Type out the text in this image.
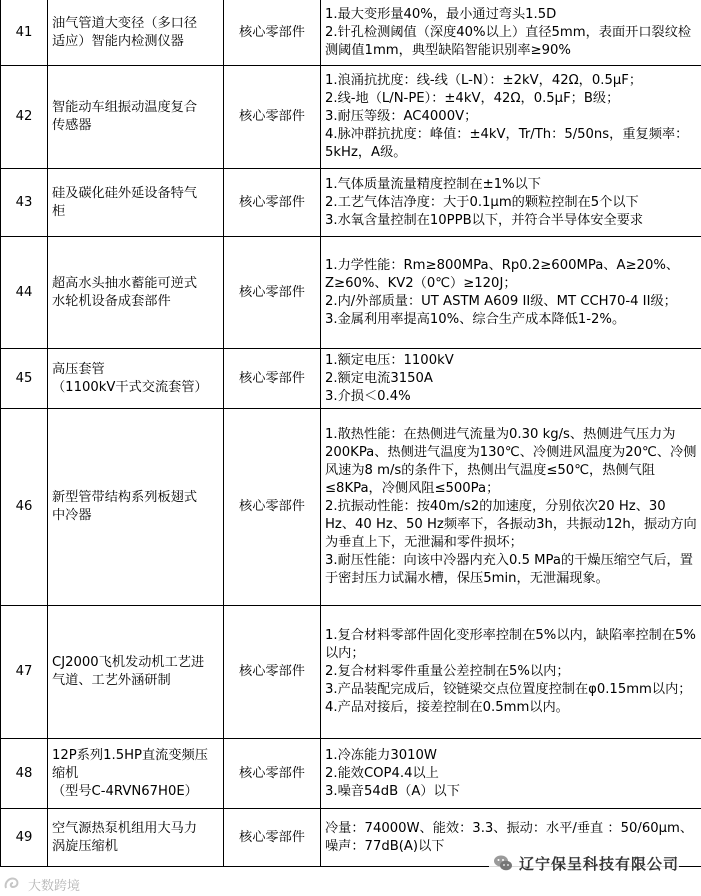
41	油气管道大变径（多口径
适应）智能内检测仪器	核心零部件	1.最大变形量40%，最小通过弯头1.5D
2.针孔检测阈值（深度40%以上）直径5mm，表面开口裂纹检测阈值1mm，典型缺陷智能识别率≥90%

42	智能动车组振动温度复合
传感器	核心零部件	1.浪涌抗扰度：线-线（L-N）：±2kV，42Ω，0.5μF；
2.线-地（L/N-PE）：±4kV，42Ω，0.5μF；B级；
3.耐压等级：AC4000V；
4.脉冲群抗扰度：峰值：±4kV，Tr/Th：5/50ns，重复频率：5kHz，A级。

43	硅及碳化硅外延设备特气
柜	核心零部件	1.气体质量流量精度控制在±1%以下
2.工艺气体洁净度：大于0.1μm的颗粒控制在5个以下
3.水氧含量控制在10PPB以下，并符合半导体安全要求

44	超高水头抽水蓄能可逆式
水轮机设备成套部件	核心零部件	1.力学性能：Rm≥800MPa、Rp0.2≥600MPa、A≥20%、Z≥60%、KV2（0℃）≥120J；
2.内/外部质量：UT ASTM A609 II级、MT CCH70-4 II级；
3.金属利用率提高10%、综合生产成本降低1-2%。

45	高压套管
（1100kV干式交流套管）	核心零部件	1.额定电压：1100kV
2.额定电流3150A
3.介损＜0.4%

46	新型管带结构系列板翅式
中冷器	核心零部件	1.散热性能：在热侧进气流量为0.30 kg/s、热侧进气压力为200KPa、热侧进气温度为130℃、冷侧进风温度为20℃、冷侧风速为8 m/s的条件下，热侧出气温度≤50℃，热侧气阻≤8KPa，冷侧风阻≤500Pa；
2.抗振动性能：按40m/s2的加速度，分别依次20 Hz、30 Hz、40 Hz、50 Hz频率下，各振动3h，共振动12h，振动方向为垂直上下，无泄漏和零件损坏；
3.耐压性能：向该中冷器内充入0.5 MPa的干燥压缩空气后，置于密封压力试漏水槽，保压5min，无泄漏现象。

47	CJ2000飞机发动机工艺进
气道、工艺外涵研制	核心零部件	1.复合材料零部件固化变形率控制在5%以内，缺陷率控制在5%以内；
2.复合材料零件重量公差控制在5%以内；
3.产品装配完成后，铰链梁交点位置度控制在φ0.15mm以内；
4.产品对接后，接差控制在0.5mm以内。

48	12P系列1.5HP直流变频压
缩机
（型号C-4RVN67H0E）	核心零部件	1.冷冻能力3010W
2.能效COP4.4以上
3.噪音54dB（A）以下

49	空气源热泵机组用大马力
涡旋压缩机	核心零部件	冷量：74000W、能效：3.3、振动：水平/垂直 ：50/60μm、噪声：77dB(A)以下
大数跨境
辽宁保呈科技有限公司
